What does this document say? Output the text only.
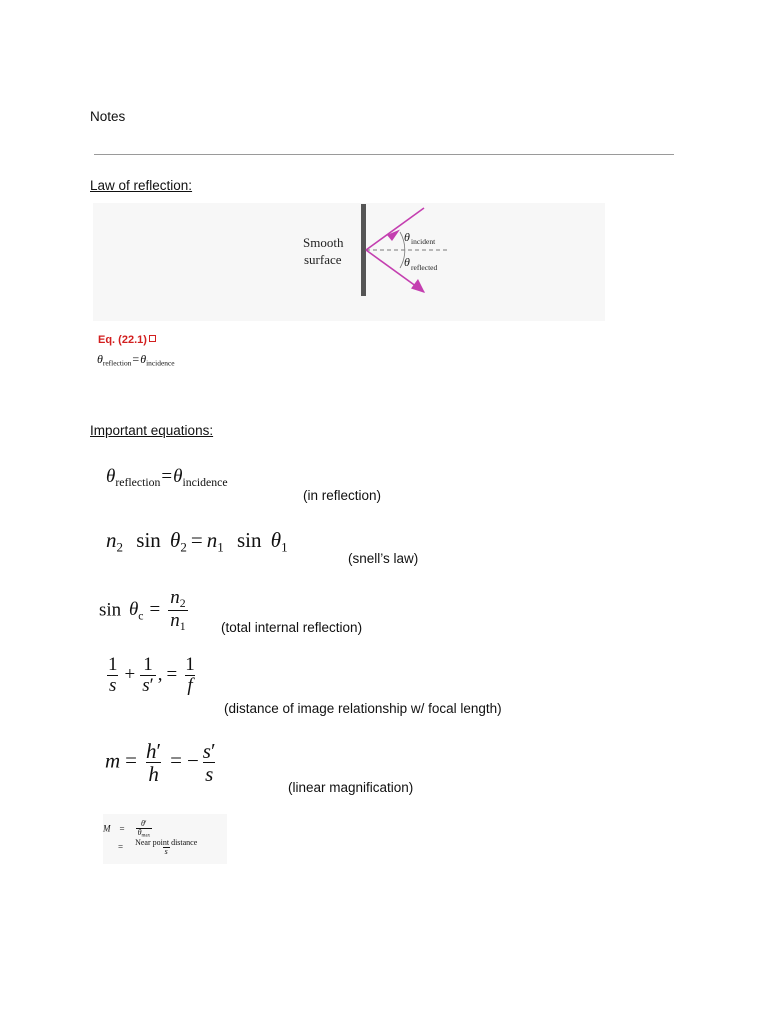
Notes
Law of reflection:
Smooth
surface
θ incident
θ reflected
Eq. (22.1)
$\theta_{reflection}=\theta_{incidence}$
Important equations:
$\theta_{reflection}=\theta_{incidence}$
(in reflection)
$n_2$ $\sin \theta_2 = n_1$ $\sin \theta_1$
(snell’s law)
$\sin \theta_c = \frac{n_2}{n_1}$ (total internal reflection)
$\frac{1}{s} + \frac{1}{s'}$ , = $\frac{1}{f}$
(distance of image relationship w/ focal length)
$m = \frac{h'}{h}$ = − $\frac{s'}{s}$
(linear magnification)
$M = \frac{\theta'}{\theta_{max}}$
= $\frac{\text{Near point distance}}{s}$
